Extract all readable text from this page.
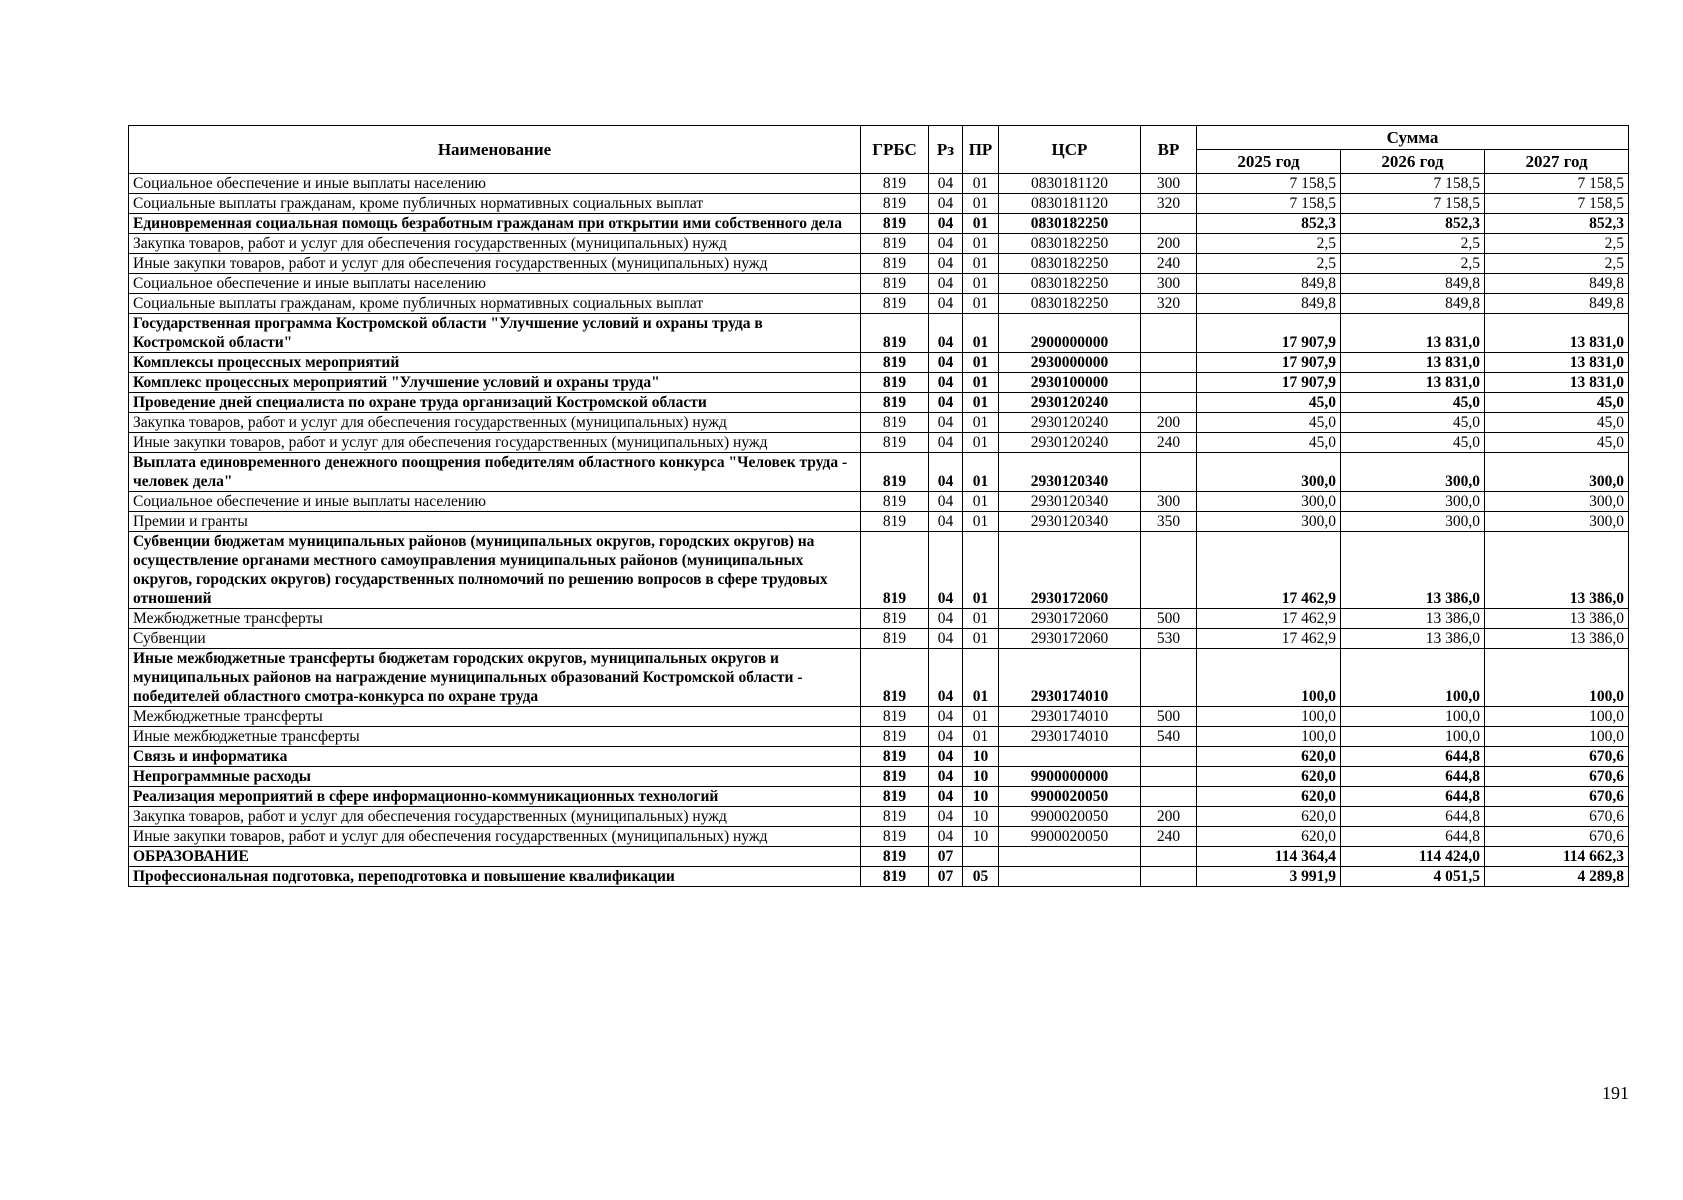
Наименование	ГРБС	Рз	ПР	ЦСР	ВР	Сумма		
						2025 год	2026 год	2027 год
Социальное обеспечение и иные выплаты населению	819	04	01	0830181120	300	7 158,5	7 158,5	7 158,5
Социальные выплаты гражданам, кроме публичных нормативных социальных выплат	819	04	01	0830181120	320	7 158,5	7 158,5	7 158,5
Единовременная социальная помощь безработным гражданам при открытии ими собственного дела	819	04	01	0830182250		852,3	852,3	852,3
Закупка товаров, работ и услуг для обеспечения государственных (муниципальных) нужд	819	04	01	0830182250	200	2,5	2,5	2,5
Иные закупки товаров, работ и услуг для обеспечения государственных (муниципальных) нужд	819	04	01	0830182250	240	2,5	2,5	2,5
Социальное обеспечение и иные выплаты населению	819	04	01	0830182250	300	849,8	849,8	849,8
Социальные выплаты гражданам, кроме публичных нормативных социальных выплат	819	04	01	0830182250	320	849,8	849,8	849,8
Государственная программа Костромской области "Улучшение условий и охраны труда в Костромской области"	819	04	01	2900000000		17 907,9	13 831,0	13 831,0
Комплексы процессных мероприятий	819	04	01	2930000000		17 907,9	13 831,0	13 831,0
Комплекс процессных мероприятий "Улучшение условий и охраны труда"	819	04	01	2930100000		17 907,9	13 831,0	13 831,0
Проведение дней специалиста по охране труда организаций Костромской области	819	04	01	2930120240		45,0	45,0	45,0
Закупка товаров, работ и услуг для обеспечения государственных (муниципальных) нужд	819	04	01	2930120240	200	45,0	45,0	45,0
Иные закупки товаров, работ и услуг для обеспечения государственных (муниципальных) нужд	819	04	01	2930120240	240	45,0	45,0	45,0
Выплата единовременного денежного поощрения победителям областного конкурса "Человек труда - человек дела"	819	04	01	2930120340		300,0	300,0	300,0
Социальное обеспечение и иные выплаты населению	819	04	01	2930120340	300	300,0	300,0	300,0
Премии и гранты	819	04	01	2930120340	350	300,0	300,0	300,0
Субвенции бюджетам муниципальных районов (муниципальных округов, городских округов) на осуществление органами местного самоуправления муниципальных районов (муниципальных округов, городских округов) государственных полномочий по решению вопросов в сфере трудовых отношений	819	04	01	2930172060		17 462,9	13 386,0	13 386,0
Межбюджетные трансферты	819	04	01	2930172060	500	17 462,9	13 386,0	13 386,0
Субвенции	819	04	01	2930172060	530	17 462,9	13 386,0	13 386,0
Иные межбюджетные трансферты бюджетам городских округов, муниципальных округов и муниципальных районов на награждение муниципальных образований Костромской области - победителей областного смотра-конкурса по охране труда	819	04	01	2930174010		100,0	100,0	100,0
Межбюджетные трансферты	819	04	01	2930174010	500	100,0	100,0	100,0
Иные межбюджетные трансферты	819	04	01	2930174010	540	100,0	100,0	100,0
Связь и информатика	819	04	10			620,0	644,8	670,6
Непрограммные расходы	819	04	10	9900000000		620,0	644,8	670,6
Реализация мероприятий в сфере информационно-коммуникационных технологий	819	04	10	9900020050		620,0	644,8	670,6
Закупка товаров, работ и услуг для обеспечения государственных (муниципальных) нужд	819	04	10	9900020050	200	620,0	644,8	670,6
Иные закупки товаров, работ и услуг для обеспечения государственных (муниципальных) нужд	819	04	10	9900020050	240	620,0	644,8	670,6
ОБРАЗОВАНИЕ	819	07				114 364,4	114 424,0	114 662,3
Профессиональная подготовка, переподготовка и повышение квалификации	819	07	05			3 991,9	4 051,5	4 289,8
191
